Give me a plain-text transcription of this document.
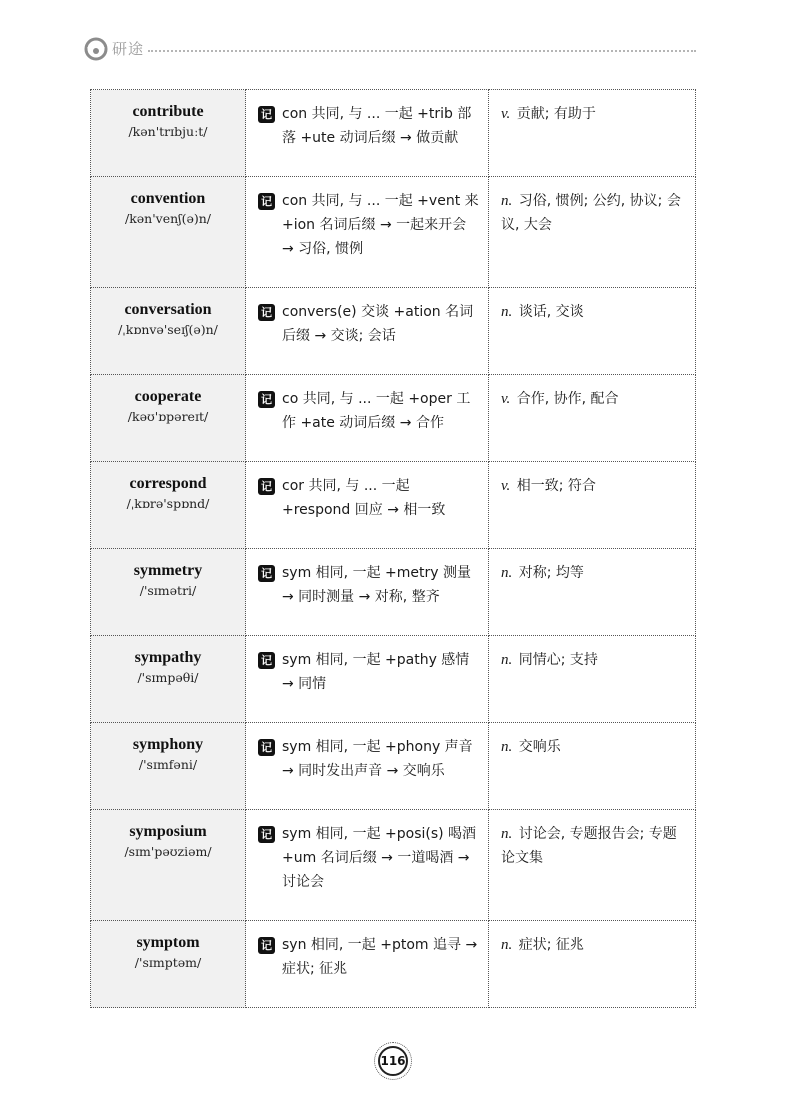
研途
contribute
/kən'trɪbjuːt/	记 con 共同, 与 ... 一起 +trib 部落 +ute 动词后缀 → 做贡献	v. 贡献; 有助于

convention
/kən'venʃ(ə)n/	记 con 共同, 与 ... 一起 +vent 来 +ion 名词后缀 → 一起来开会 → 习俗, 惯例	n. 习俗, 惯例; 公约, 协议; 会议, 大会

conversation
/ˌkɒnvə'seɪʃ(ə)n/	记 convers(e) 交谈 +ation 名词后缀 → 交谈; 会话	n. 谈话, 交谈

cooperate
/kəʊ'ɒpəreɪt/	记 co 共同, 与 ... 一起 +oper 工作 +ate 动词后缀 → 合作	v. 合作, 协作, 配合

correspond
/ˌkɒrə'spɒnd/	记 cor 共同, 与 ... 一起 +respond 回应 → 相一致	v. 相一致; 符合

symmetry
/'sɪmətri/	记 sym 相同, 一起 +metry 测量 → 同时测量 → 对称, 整齐	n. 对称; 均等

sympathy
/'sɪmpəθi/	记 sym 相同, 一起 +pathy 感情 → 同情	n. 同情心; 支持

symphony
/'sɪmfəni/	记 sym 相同, 一起 +phony 声音 → 同时发出声音 → 交响乐	n. 交响乐

symposium
/sɪm'pəʊziəm/	记 sym 相同, 一起 +posi(s) 喝酒 +um 名词后缀 → 一道喝酒 → 讨论会	n. 讨论会, 专题报告会; 专题论文集

symptom
/'sɪmptəm/	记 syn 相同, 一起 +ptom 追寻 → 症状; 征兆	n. 症状; 征兆
116
